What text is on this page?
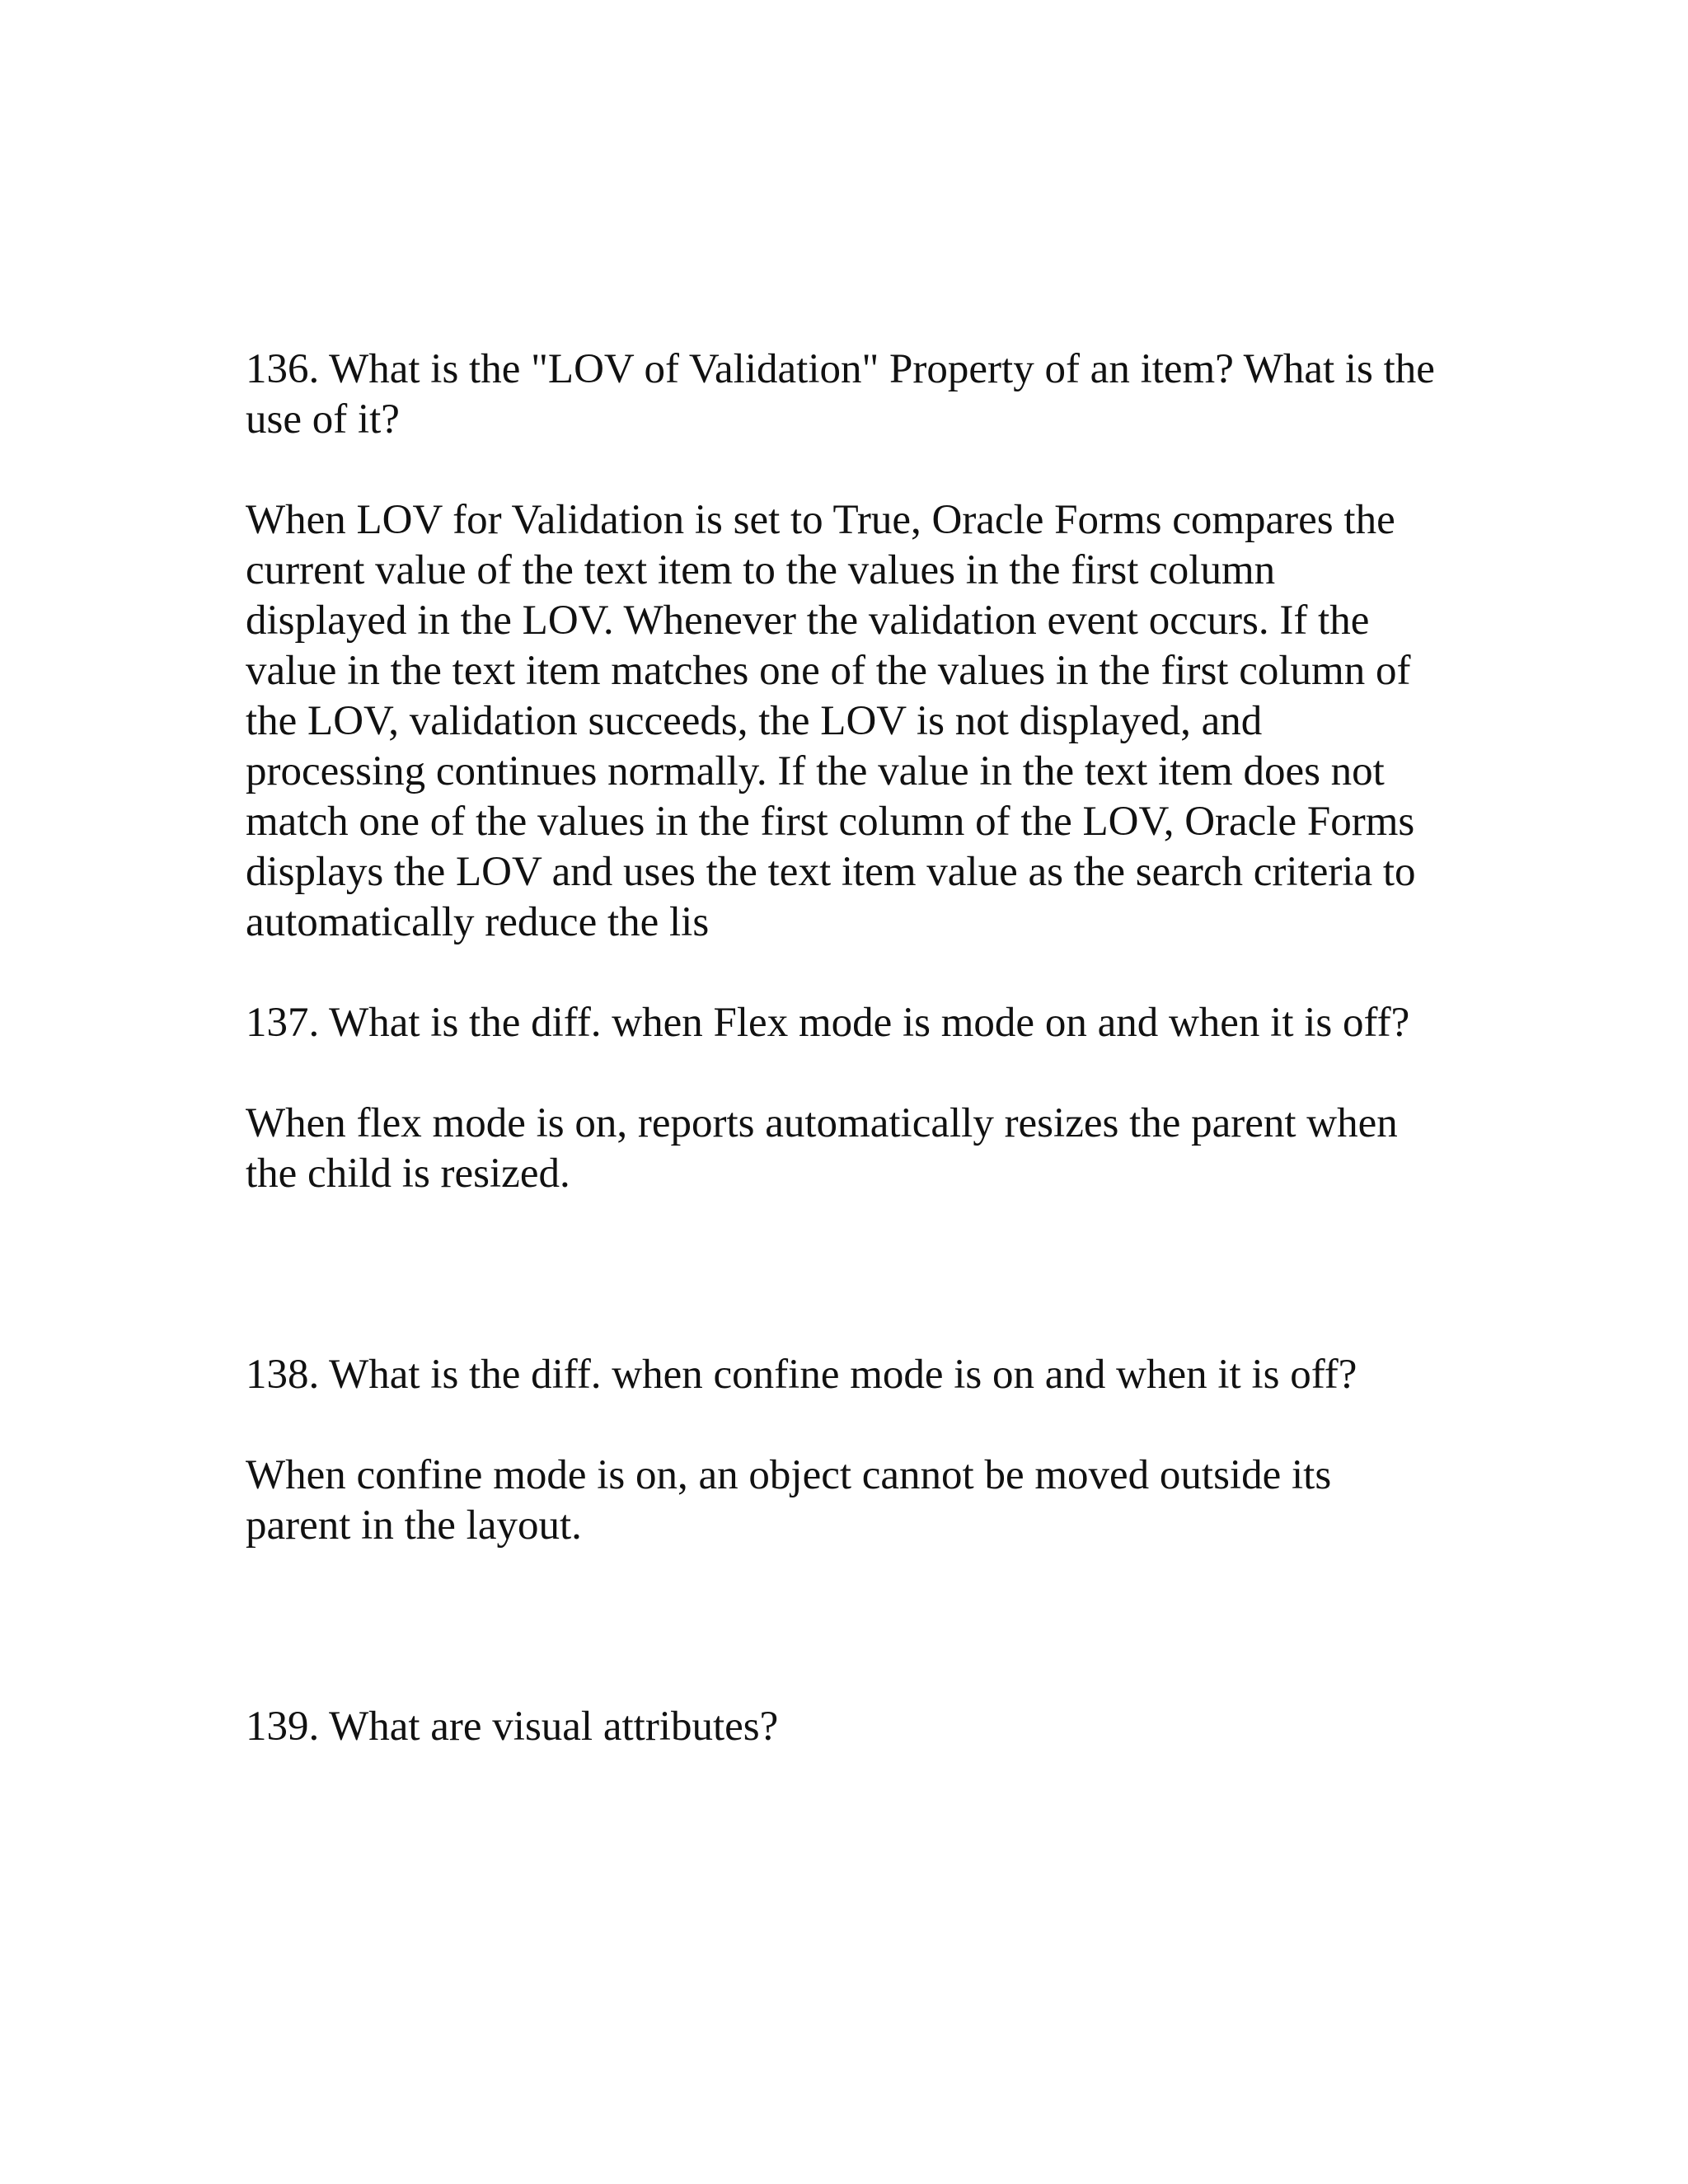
136. What is the "LOV of Validation" Property of an item? What is the use of it?

When LOV for Validation is set to True, Oracle Forms compares the current value of the text item to the values in the first column displayed in the LOV. Whenever the validation event occurs. If the value in the text item matches one of the values in the first column of the LOV, validation succeeds, the LOV is not displayed, and processing continues normally. If the value in the text item does not match one of the values in the first column of the LOV, Oracle Forms displays the LOV and uses the text item value as the search criteria to automatically reduce the lis

137. What is the diff. when Flex mode is mode on and when it is off?

When flex mode is on, reports automatically resizes the parent when the child is resized.

138. What is the diff. when confine mode is on and when it is off?

When confine mode is on, an object cannot be moved outside its parent in the layout.

139. What are visual attributes?
